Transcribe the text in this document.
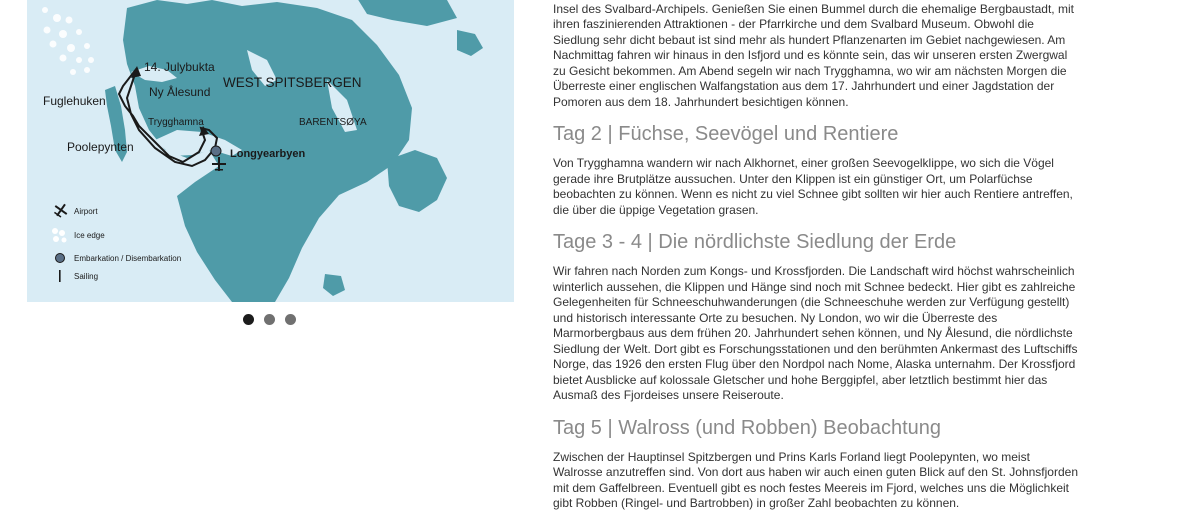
14. Julybukta
WEST SPITSBERGEN
Ny Ålesund
Fuglehuken
Trygghamna	BARENTSØYA
Poolepynten	Longyearbyen
Airport
Ice edge
Embarkation / Disembarkation
Sailing

Insel des Svalbard-Archipels. Genießen Sie einen Bummel durch die ehemalige Bergbaustadt, mit ihren faszinierenden Attraktionen - der Pfarrkirche und dem Svalbard Museum. Obwohl die Siedlung sehr dicht bebaut ist sind mehr als hundert Pflanzenarten im Gebiet nachgewiesen. Am Nachmittag fahren wir hinaus in den Isfjord und es könnte sein, das wir unseren ersten Zwergwal zu Gesicht bekommen. Am Abend segeln wir nach Trygghamna, wo wir am nächsten Morgen die Überreste einer englischen Walfangstation aus dem 17. Jahrhundert und einer Jagdstation der Pomoren aus dem 18. Jahrhundert besichtigen können.

Tag 2 | Füchse, Seevögel und Rentiere

Von Trygghamna wandern wir nach Alkhornet, einer großen Seevogelklippe, wo sich die Vögel gerade ihre Brutplätze aussuchen. Unter den Klippen ist ein günstiger Ort, um Polarfüchse beobachten zu können. Wenn es nicht zu viel Schnee gibt sollten wir hier auch Rentiere antreffen, die über die üppige Vegetation grasen.

Tage 3 - 4 | Die nördlichste Siedlung der Erde

Wir fahren nach Norden zum Kongs- und Krossfjorden. Die Landschaft wird höchst wahrscheinlich winterlich aussehen, die Klippen und Hänge sind noch mit Schnee bedeckt. Hier gibt es zahlreiche Gelegenheiten für Schneeschuhwanderungen (die Schneeschuhe werden zur Verfügung gestellt) und historisch interessante Orte zu besuchen. Ny London, wo wir die Überreste des Marmorbergbaus aus dem frühen 20. Jahrhundert sehen können, und Ny Ålesund, die nördlichste Siedlung der Welt. Dort gibt es Forschungsstationen und den berühmten Ankermast des Luftschiffs Norge, das 1926 den ersten Flug über den Nordpol nach Nome, Alaska unternahm. Der Krossfjord bietet Ausblicke auf kolossale Gletscher und hohe Berggipfel, aber letztlich bestimmt hier das Ausmaß des Fjordeises unsere Reiseroute.

Tag 5 | Walross (und Robben) Beobachtung

Zwischen der Hauptinsel Spitzbergen und Prins Karls Forland liegt Poolepynten, wo meist Walrosse anzutreffen sind. Von dort aus haben wir auch einen guten Blick auf den St. Johnsfjorden mit dem Gaffelbreen. Eventuell gibt es noch festes Meereis im Fjord, welches uns die Möglichkeit gibt Robben (Ringel- und Bartrobben) in großer Zahl beobachten zu können.
